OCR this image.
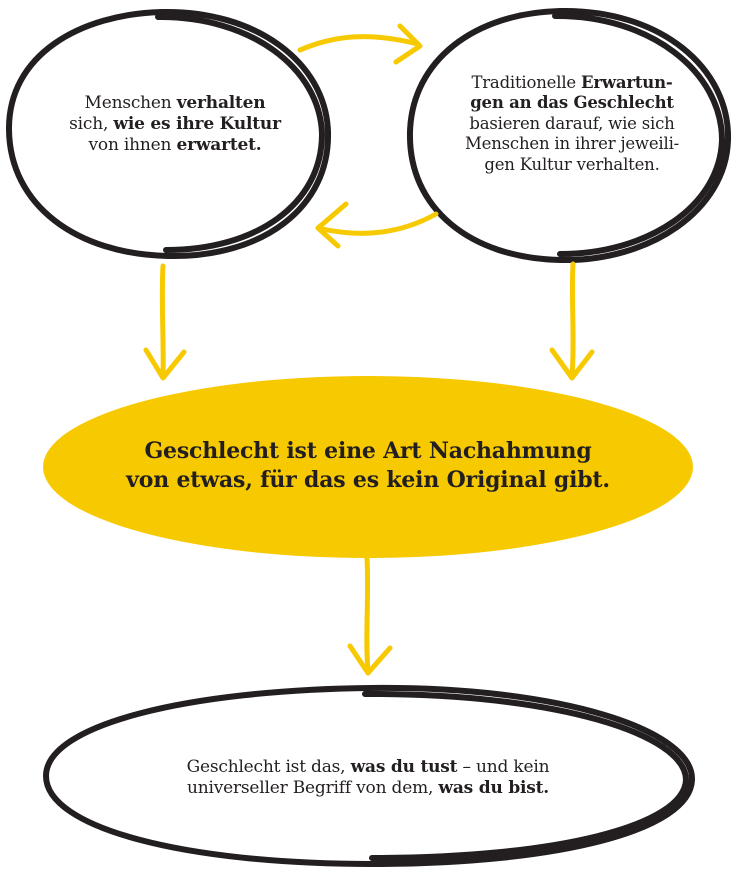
Menschen verhalten
sich, wie es ihre Kultur
von ihnen erwartet.
Traditionelle Erwartun-
gen an das Geschlecht
basieren darauf, wie sich
Menschen in ihrer jeweili-
gen Kultur verhalten.
Geschlecht ist eine Art Nachahmung
von etwas, für das es kein Original gibt.
Geschlecht ist das, was du tust – und kein
universeller Begriff von dem, was du bist.
